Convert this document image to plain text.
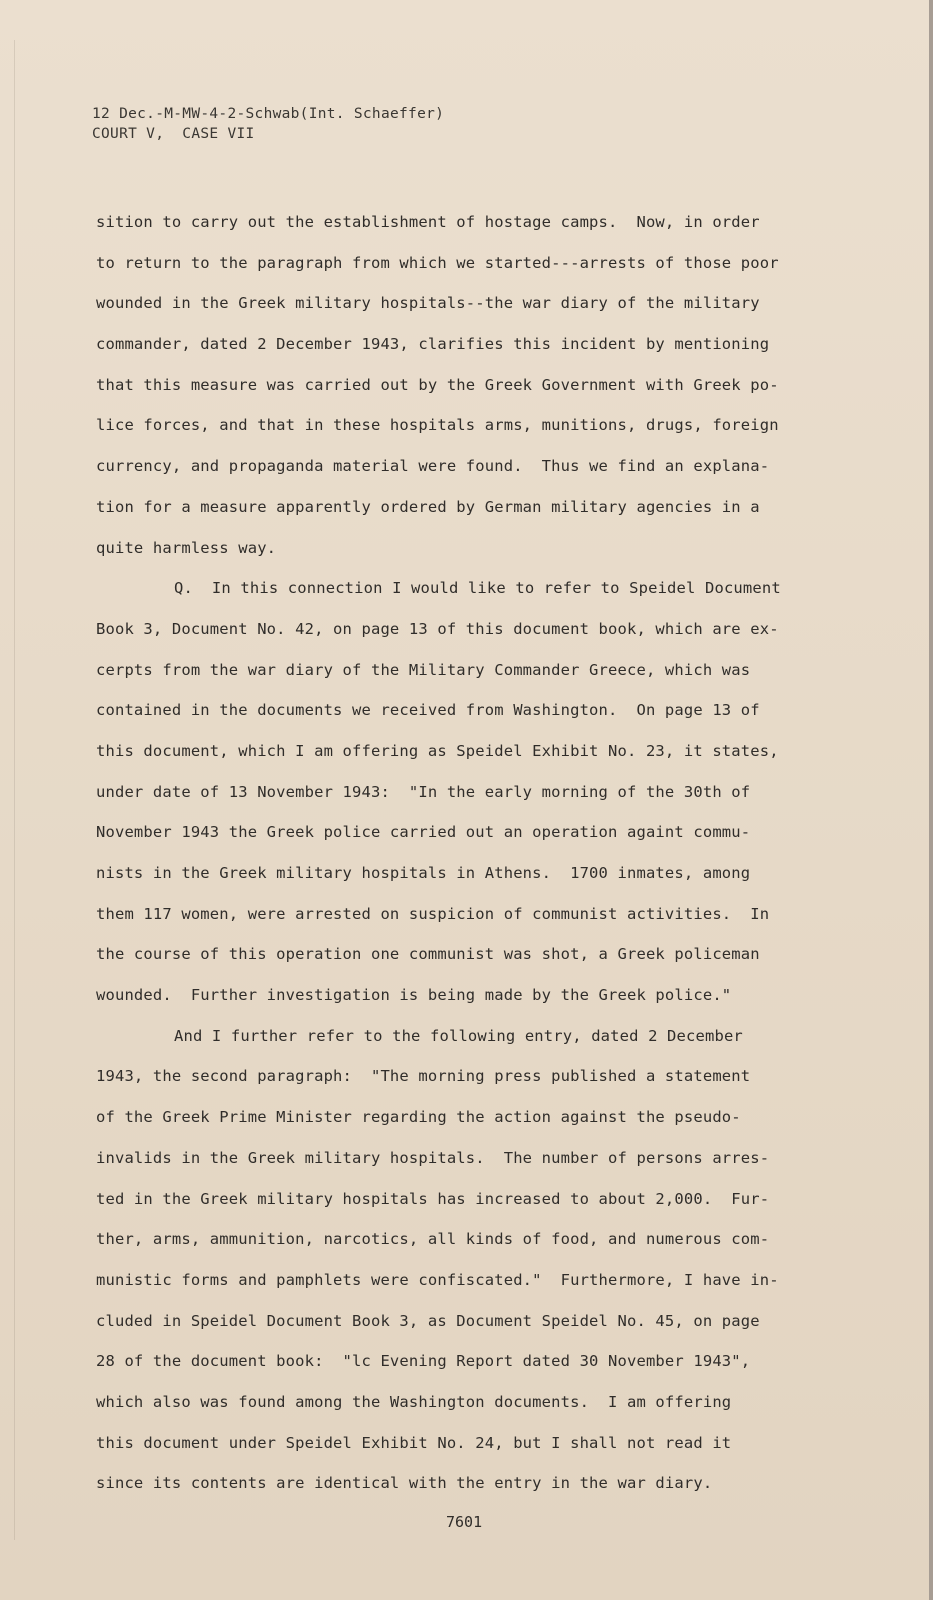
12 Dec.-M-MW-4-2-Schwab(Int. Schaeffer)
COURT V,  CASE VII
sition to carry out the establishment of hostage camps.  Now, in order
to return to the paragraph from which we started---arrests of those poor
wounded in the Greek military hospitals--the war diary of the military
commander, dated 2 December 1943, clarifies this incident by mentioning
that this measure was carried out by the Greek Government with Greek po-
lice forces, and that in these hospitals arms, munitions, drugs, foreign
currency, and propaganda material were found.  Thus we find an explana-
tion for a measure apparently ordered by German military agencies in a
quite harmless way.
Q.  In this connection I would like to refer to Speidel Document
Book 3, Document No. 42, on page 13 of this document book, which are ex-
cerpts from the war diary of the Military Commander Greece, which was
contained in the documents we received from Washington.  On page 13 of
this document, which I am offering as Speidel Exhibit No. 23, it states,
under date of 13 November 1943:  "In the early morning of the 30th of
November 1943 the Greek police carried out an operation againt commu-
nists in the Greek military hospitals in Athens.  1700 inmates, among
them 117 women, were arrested on suspicion of communist activities.  In
the course of this operation one communist was shot, a Greek policeman
wounded.  Further investigation is being made by the Greek police."
And I further refer to the following entry, dated 2 December
1943, the second paragraph:  "The morning press published a statement
of the Greek Prime Minister regarding the action against the pseudo-
invalids in the Greek military hospitals.  The number of persons arres-
ted in the Greek military hospitals has increased to about 2,000.  Fur-
ther, arms, ammunition, narcotics, all kinds of food, and numerous com-
munistic forms and pamphlets were confiscated."  Furthermore, I have in-
cluded in Speidel Document Book 3, as Document Speidel No. 45, on page
28 of the document book:  "lc Evening Report dated 30 November 1943",
which also was found among the Washington documents.  I am offering
this document under Speidel Exhibit No. 24, but I shall not read it
since its contents are identical with the entry in the war diary.
7601
